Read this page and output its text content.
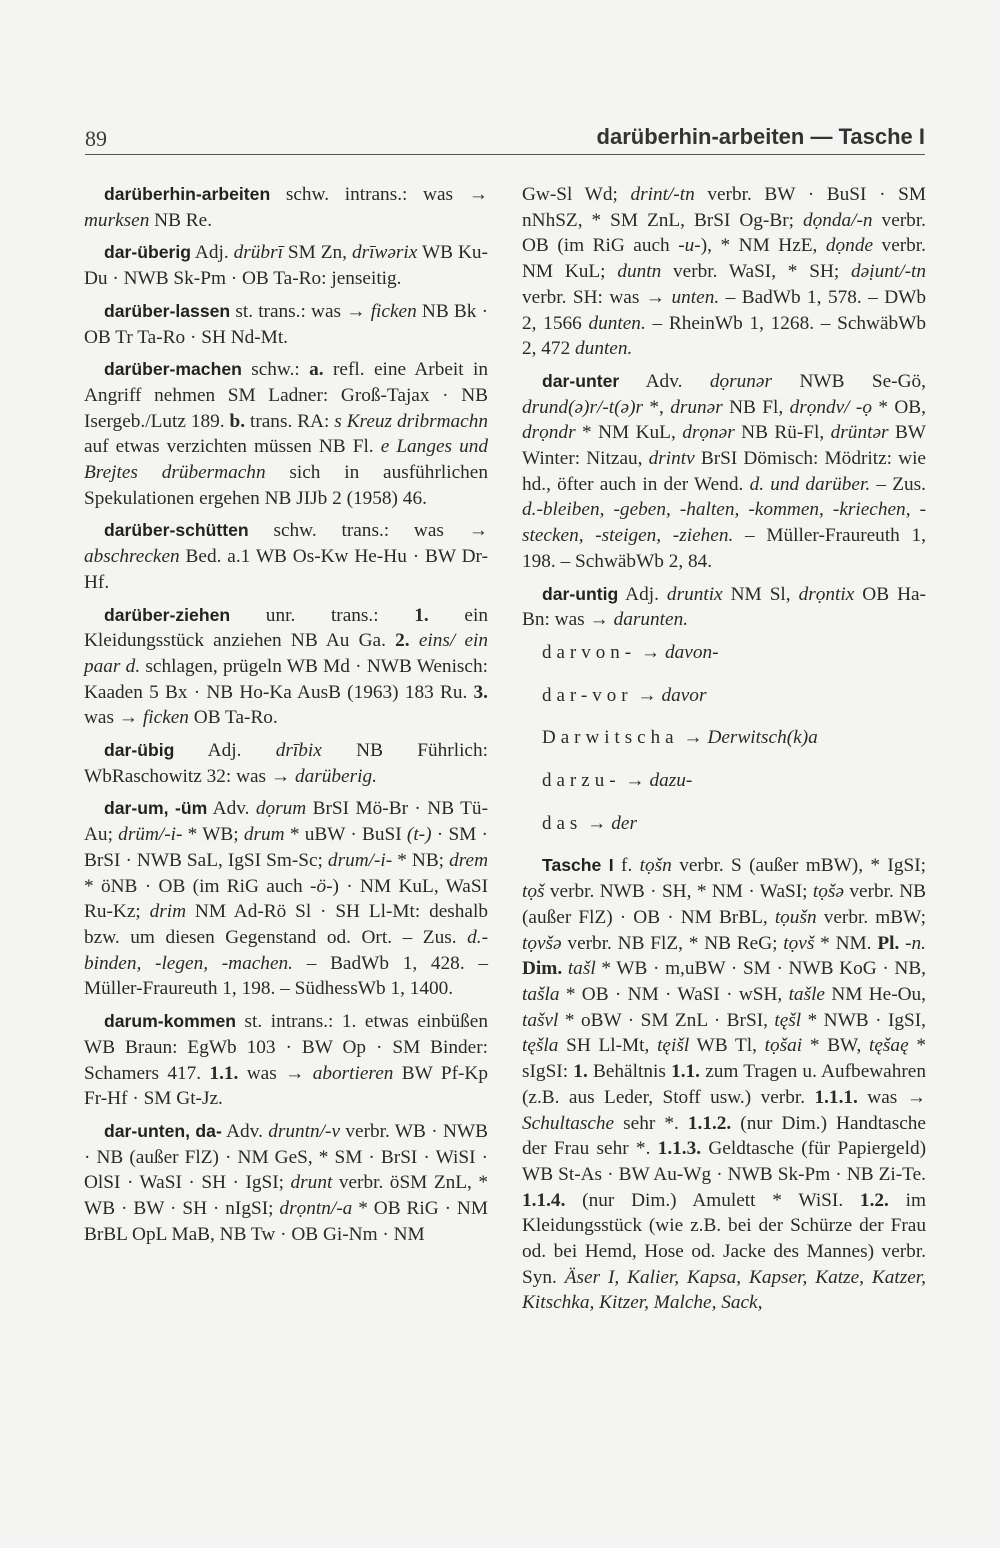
89	darüberhin-arbeiten — Tasche I

darüberhin-arbeiten schw. intrans.: was → murksen NB Re.

dar-überig Adj. drübrī SM Zn, drīwərix WB Ku-Du · NWB Sk-Pm · OB Ta-Ro: jenseitig.

darüber-lassen st. trans.: was → ficken NB Bk · OB Tr Ta-Ro · SH Nd-Mt.

darüber-machen schw.: a. refl. eine Arbeit in Angriff nehmen SM Ladner: Groß-Tajax · NB Isergeb./Lutz 189. b. trans. RA: s Kreuz dribrmachn auf etwas verzichten müssen NB Fl. e Langes und Brejtes drübermachn sich in ausführlichen Spekulationen ergehen NB JIJb 2 (1958) 46.

darüber-schütten schw. trans.: was → abschrecken Bed. a.1 WB Os-Kw He-Hu · BW Dr-Hf.

darüber-ziehen unr. trans.: 1. ein Kleidungsstück anziehen NB Au Ga. 2. eins/ ein paar d. schlagen, prügeln WB Md · NWB Wenisch: Kaaden 5 Bx · NB Ho-Ka AusB (1963) 183 Ru. 3. was → ficken OB Ta-Ro.

dar-übig Adj. drībix NB Führlich: WbRaschowitz 32: was → darüberig.

dar-um, -üm Adv. dọrum BrSI Mö-Br · NB Tü-Au; drüm/-i- * WB; drum * uBW · BuSI (t-) · SM · BrSI · NWB SaL, IgSI Sm-Sc; drum/-i- * NB; drem * öNB · OB (im RiG auch -ö-) · NM KuL, WaSI Ru-Kz; drim NM Ad-Rö Sl · SH Ll-Mt: deshalb bzw. um diesen Gegenstand od. Ort. – Zus. d.-binden, -legen, -machen. – BadWb 1, 428. – Müller-Fraureuth 1, 198. – SüdhessWb 1, 1400.

darum-kommen st. intrans.: 1. etwas einbüßen WB Braun: EgWb 103 · BW Op · SM Binder: Schamers 417. 1.1. was → abortieren BW Pf-Kp Fr-Hf · SM Gt-Jz.

dar-unten, da- Adv. druntn/-v verbr. WB · NWB · NB (außer FlZ) · NM GeS, * SM · BrSI · WiSI · OlSI · WaSI · SH · IgSI; drunt verbr. öSM ZnL, * WB · BW · SH · nIgSI; drọntn/-a * OB RiG · NM BrBL OpL MaB, NB Tw · OB Gi-Nm · NM

Gw-Sl Wd; drint/-tn verbr. BW · BuSI · SM nNhSZ, * SM ZnL, BrSI Og-Br; dọnda/-n verbr. OB (im RiG auch -u-), * NM HzE, dọnde verbr. NM KuL; duntn verbr. WaSI, * SH; dəịunt/-tn verbr. SH: was → unten. – BadWb 1, 578. – DWb 2, 1566 dunten. – RheinWb 1, 1268. – SchwäbWb 2, 472 dunten.

dar-unter Adv. dọrunər NWB Se-Gö, drund(ə)r/-t(ə)r *, drunər NB Fl, drọndv/ -ọ * OB, drọndr * NM KuL, drọnər NB Rü-Fl, drüntər BW Winter: Nitzau, drintv BrSI Dömisch: Mödritz: wie hd., öfter auch in der Wend. d. und darüber. – Zus. d.-bleiben, -geben, -halten, -kommen, -kriechen, -stecken, -steigen, -ziehen. – Müller-Fraureuth 1, 198. – SchwäbWb 2, 84.

dar-untig Adj. druntix NM Sl, drọntix OB Ha-Bn: was → darunten.

darvon- → davon-

dar-vor → davor

Darwitscha → Derwitsch(k)a

darzu- → dazu-

das → der

Tasche I f. tọšn verbr. S (außer mBW), * IgSI; tọš verbr. NWB · SH, * NM · WaSI; tọšə verbr. NB (außer FlZ) · OB · NM BrBL, tọušn verbr. mBW; tọvšə verbr. NB FlZ, * NB ReG; tọvš * NM. Pl. -n. Dim. tašl * WB · m,uBW · SM · NWB KoG · NB, tašla * OB · NM · WaSI · wSH, tašle NM He-Ou, tašvl * oBW · SM ZnL · BrSI, tęšl * NWB · IgSI, tęšla SH Ll-Mt, tęišl WB Tl, tọšai * BW, tęšaę * sIgSI: 1. Behältnis 1.1. zum Tragen u. Aufbewahren (z.B. aus Leder, Stoff usw.) verbr. 1.1.1. was → Schultasche sehr *. 1.1.2. (nur Dim.) Handtasche der Frau sehr *. 1.1.3. Geldtasche (für Papiergeld) WB St-As · BW Au-Wg · NWB Sk-Pm · NB Zi-Te. 1.1.4. (nur Dim.) Amulett * WiSI. 1.2. im Kleidungsstück (wie z.B. bei der Schürze der Frau od. bei Hemd, Hose od. Jacke des Mannes) verbr. Syn. Äser I, Kalier, Kapsa, Kapser, Katze, Katzer, Kitschka, Kitzer, Malche, Sack,
